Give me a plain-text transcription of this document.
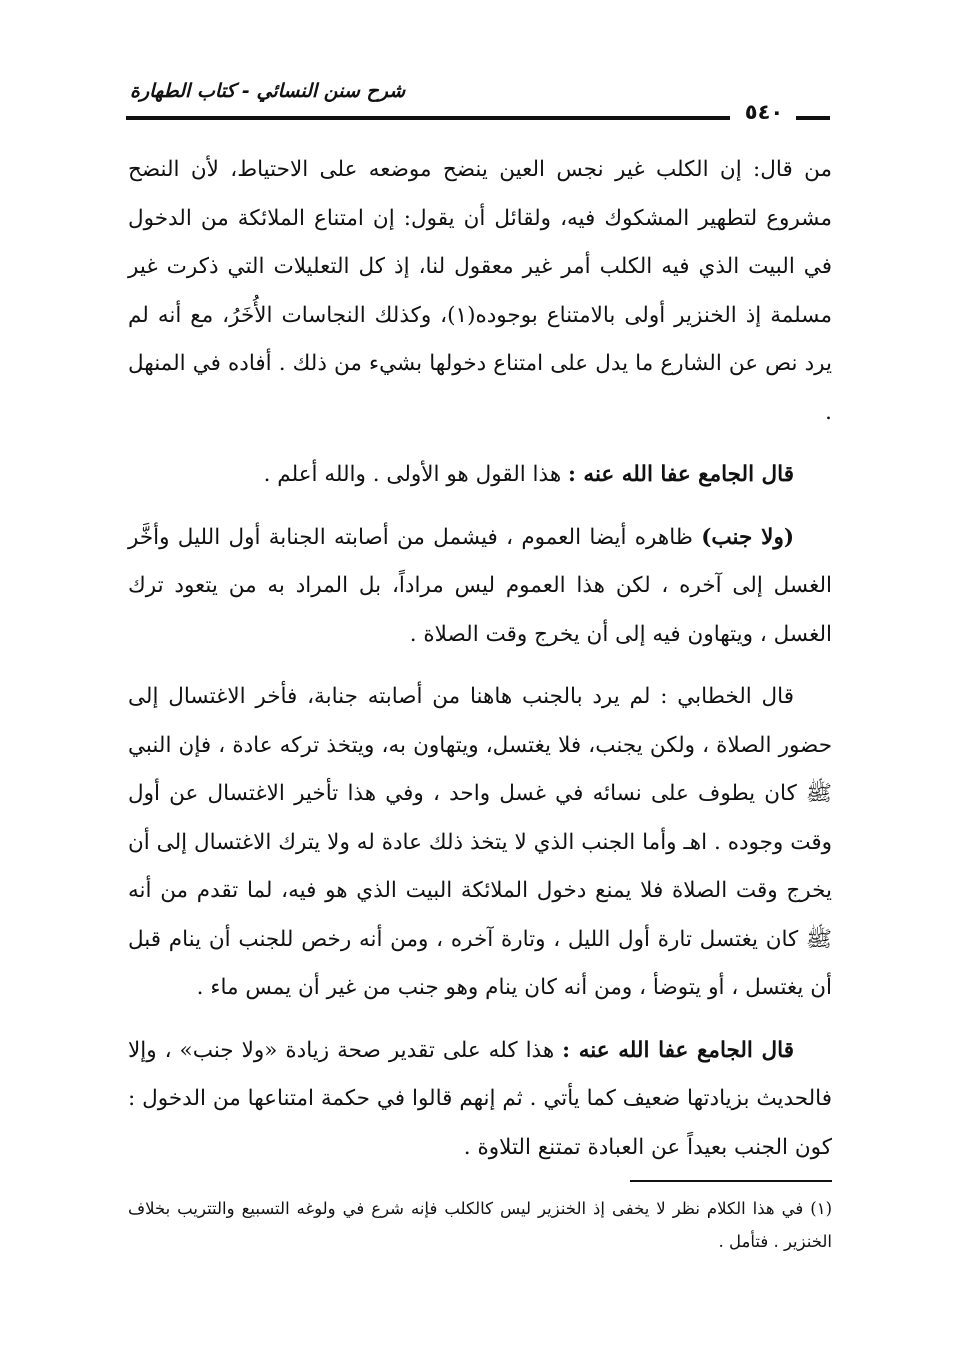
شرح سنن النسائي - كتاب الطهارة
٥٤٠

من قال: إن الكلب غير نجس العين ينضح موضعه على الاحتياط، لأن النضح مشروع لتطهير المشكوك فيه، ولقائل أن يقول: إن امتناع الملائكة من الدخول في البيت الذي فيه الكلب أمر غير معقول لنا، إذ كل التعليلات التي ذكرت غير مسلمة إذ الخنزير أولى بالامتناع بوجوده(١)، وكذلك النجاسات الأُخَرُ، مع أنه لم يرد نص عن الشارع ما يدل على امتناع دخولها بشيء من ذلك . أفاده في المنهل .

قال الجامع عفا الله عنه : هذا القول هو الأولى . والله أعلم .

(ولا جنب) ظاهره أيضا العموم ، فيشمل من أصابته الجنابة أول الليل وأخَّر الغسل إلى آخره ، لكن هذا العموم ليس مراداً، بل المراد به من يتعود ترك الغسل ، ويتهاون فيه إلى أن يخرج وقت الصلاة .

قال الخطابي : لم يرد بالجنب هاهنا من أصابته جنابة، فأخر الاغتسال إلى حضور الصلاة ، ولكن يجنب، فلا يغتسل، ويتهاون به، ويتخذ تركه عادة ، فإن النبي ﷺ كان يطوف على نسائه في غسل واحد ، وفي هذا تأخير الاغتسال عن أول وقت وجوده . اهـ وأما الجنب الذي لا يتخذ ذلك عادة له ولا يترك الاغتسال إلى أن يخرج وقت الصلاة فلا يمنع دخول الملائكة البيت الذي هو فيه، لما تقدم من أنه ﷺ كان يغتسل تارة أول الليل ، وتارة آخره ، ومن أنه رخص للجنب أن ينام قبل أن يغتسل ، أو يتوضأ ، ومن أنه كان ينام وهو جنب من غير أن يمس ماء .

قال الجامع عفا الله عنه : هذا كله على تقدير صحة زيادة «ولا جنب» ، وإلا فالحديث بزيادتها ضعيف كما يأتي . ثم إنهم قالوا في حكمة امتناعها من الدخول : كون الجنب بعيداً عن العبادة تمتنع التلاوة .

(١) في هذا الكلام نظر لا يخفى إذ الخنزير ليس كالكلب فإنه شرع في ولوغه التسبيع والتتريب بخلاف الخنزير . فتأمل .
